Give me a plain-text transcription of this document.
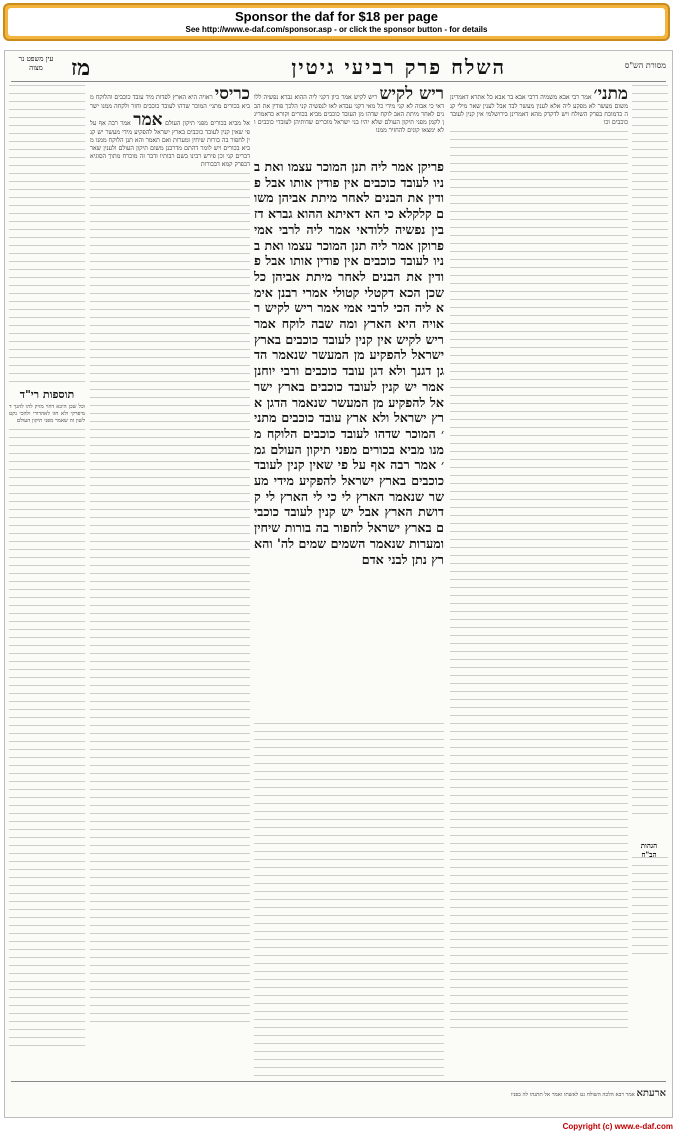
Sponsor the daf for $18 per page
See http://www.e-daf.com/sponsor.asp - or click the sponsor button - for details
מסורת הש"ס
השלח פרק רביעי גיטין
מז
עין משפט נר מצוה
מתני׳ אמר רבי אבא משמיה דרבי אבא בר אבא כל אתרא דאמרינן משום מעשר לא מפקע ליה אלא לענין מעשר לבד אבל לענין שאר מילי קנה כדמוכח בפרק השולח ויש לדקדק מהא דאמרינן בירושלמי אין קנין לעובד כוכבים וכו

פריקן אמר ליה תנן המוכר עצמו ואת בניו לעובד כוכבים אין פודין אותו אבל פודין את הבנים לאחר מיתת אביהן משום קלקלא כי הא דאיתא ההוא גברא דזבין נפשיה ללודאי אמר ליה לרבי אמי פרוקן אמר ליה תנן המוכר עצמו ואת בניו לעובד כוכבים אין פודין אותו אבל פודין את הבנים לאחר מיתת אביהן כל שכן הכא דקטלי קטולי אמרי רבנן אימא ליה הכי לרבי אמי אמר ריש לקיש ראויה היא הארץ ומה שבה לוקח אמר ריש לקיש אין קנין לעובד כוכבים בארץ ישראל להפקיע מן המעשר שנאמר הדגן דגנך ולא דגן עובד כוכבים ורבי יוחנן אמר יש קנין לעובד כוכבים בארץ ישראל להפקיע מן המעשר שנאמר הדגן ארץ ישראל ולא ארץ עובד כוכבים מתני׳ המוכר שדהו לעובד כוכבים הלוקח ממנו מביא בכורים מפני תיקון העולם גמ׳ אמר רבה אף על פי שאין קנין לעובד כוכבים בארץ ישראל להפקיע מידי מעשר שנאמר הארץ לי כי לי הארץ לי קדושת הארץ אבל יש קנין לעובד כוכבים בארץ ישראל לחפור בה בורות שיחין ומערות שנאמר השמים שמים לה' והארץ נתן לבני אדם

ריש לקיש ריש לקיש אמר כיון דקני ליה ההוא גברא נפשיה ללודאי כי אבוה לא קני מידי כל מאי דקני עבדא לאו לנפשיה קני הלכך פודין את הבנים לאחר מיתת האב לוקח שדהו מן העובד כוכבים מביא בכורים וקורא כדאמרינן לקמן מפני תיקון העולם שלא יהיו בני ישראל מוכרים שדותיהן לעובדי כוכבים ולא ימצאו קונים להחזיר ממנו
כריסי ראויה היא הארץ לפדות מיד עובד כוכבים והלוקח מביא בכורים מתני׳ המוכר שדהו לעובד כוכבים וחזר ולקחה ממנו ישראל מביא בכורים מפני תיקון העולם אמר אמר רבה אף על פי שאין קנין לעובד כוכבים בארץ ישראל להפקיע מידי מעשר יש קנין לחפור בה בורות שיחין ומערות ואם תאמר והא תנן הלוקח ממנו מביא בכורים ויש לומר דהתם מדרבנן משום תיקון העולם ולענין שאר דברים קני וכן פירש רבינו בשם רבותיו ודבר זה מוכרח מתוך הסוגיא דבפרק קמא דבכורות
תוספות רי"ד
וכל שכן היכא דהוי מזיק להו להנך דמיפרקי ולא חזו לאהדורי ולהכי נקט לשון זה שאמר מפני תיקון העולם
הגהות הב"ח
ארעתא אמר רבא הלכה השולח גט לאשתו ואמר אל תתנהו לה בפניו
Copyright (c) www.e-daf.com
